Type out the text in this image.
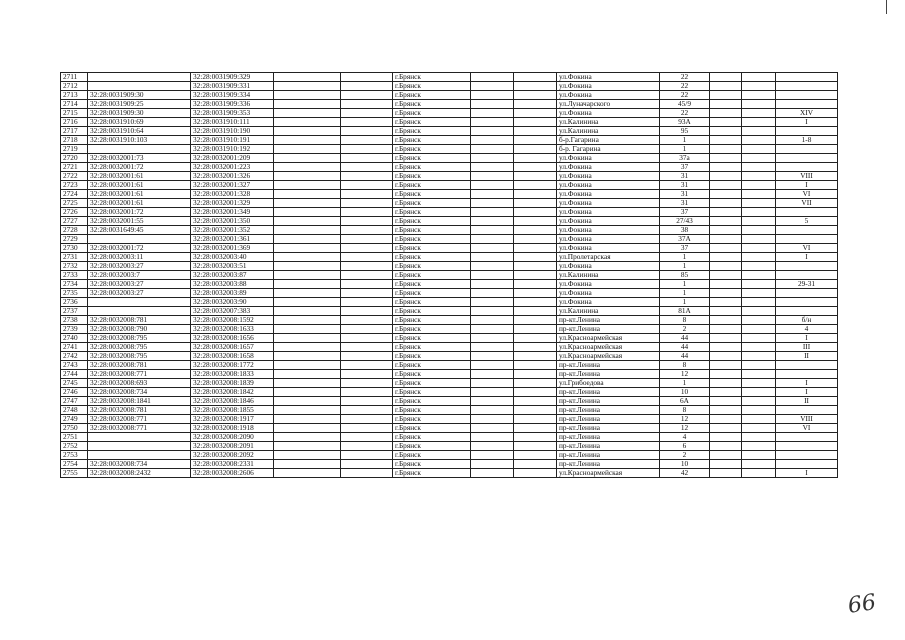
2711		32:28:0031909:329			г.Брянск			ул.Фокина	22			
2712		32:28:0031909:331			г.Брянск			ул.Фокина	22			
2713	32:28:0031909:30	32:28:0031909:334			г.Брянск			ул.Фокина	22			
2714	32:28:0031909:25	32:28:0031909:336			г.Брянск			ул.Луначарского	45/9			
2715	32:28:0031909:30	32:28:0031909:353			г.Брянск			ул.Фокина	22			XIV
2716	32:28:0031910:69	32:28:0031910:111			г.Брянск			ул.Калинина	93А			I
2717	32:28:0031910:64	32:28:0031910:190			г.Брянск			ул.Калинина	95			
2718	32:28:0031910:103	32:28:0031910:191			г.Брянск			б-р.Гагарина	1			1-8
2719		32:28:0031910:192			г.Брянск			б-р. Гагарина	1			
2720	32:28:0032001:73	32:28:0032001:209			г.Брянск			ул.Фокина	37а			
2721	32:28:0032001:72	32:28:0032001:223			г.Брянск			ул.Фокина	37			
2722	32:28:0032001:61	32:28:0032001:326			г.Брянск			ул.Фокина	31			VIII
2723	32:28:0032001:61	32:28:0032001:327			г.Брянск			ул.Фокина	31			I
2724	32:28:0032001:61	32:28:0032001:328			г.Брянск			ул.Фокина	31			VI
2725	32:28:0032001:61	32:28:0032001:329			г.Брянск			ул.Фокина	31			VII
2726	32:28:0032001:72	32:28:0032001:349			г.Брянск			ул.Фокина	37			
2727	32:28:0032001:55	32:28:0032001:350			г.Брянск			ул.Фокина	27/43			5
2728	32:28:0031649:45	32:28:0032001:352			г.Брянск			ул.Фокина	38			
2729		32:28:0032001:361			г.Брянск			ул.Фокина	37А			
2730	32:28:0032001:72	32:28:0032001:369			г.Брянск			ул.Фокина	37			VI
2731	32:28:0032003:11	32:28:0032003:40			г.Брянск			ул.Пролетарская	1			I
2732	32:28:0032003:27	32:28:0032003:51			г.Брянск			ул.Фокина	1			
2733	32:28:0032003:7	32:28:0032003:87			г.Брянск			ул.Калинина	85			
2734	32:28:0032003:27	32:28:0032003:88			г.Брянск			ул.Фокина	1			29-31
2735	32:28:0032003:27	32:28:0032003:89			г.Брянск			ул.Фокина	1			
2736		32:28:0032003:90			г.Брянск			ул.Фокина	1			
2737		32:28:0032007:383			г.Брянск			ул.Калинина	81А			
2738	32:28:0032008:781	32:28:0032008:1592			г.Брянск			пр-кт.Ленина	8			б/н
2739	32:28:0032008:790	32:28:0032008:1633			г.Брянск			пр-кт.Ленина	2			4
2740	32:28:0032008:795	32:28:0032008:1656			г.Брянск			ул.Красноармейская	44			I
2741	32:28:0032008:795	32:28:0032008:1657			г.Брянск			ул.Красноармейская	44			III
2742	32:28:0032008:795	32:28:0032008:1658			г.Брянск			ул.Красноармейская	44			II
2743	32:28:0032008:781	32:28:0032008:1772			г.Брянск			пр-кт.Ленина	8			
2744	32:28:0032008:771	32:28:0032008:1833			г.Брянск			пр-кт.Ленина	12			
2745	32:28:0032008:693	32:28:0032008:1839			г.Брянск			ул.Грибоедова	1			I
2746	32:28:0032008:734	32:28:0032008:1842			г.Брянск			пр-кт.Ленина	10			I
2747	32:28:0032008:1841	32:28:0032008:1846			г.Брянск			пр-кт.Ленина	6А			II
2748	32:28:0032008:781	32:28:0032008:1855			г.Брянск			пр-кт.Ленина	8			
2749	32:28:0032008:771	32:28:0032008:1917			г.Брянск			пр-кт.Ленина	12			VIII
2750	32:28:0032008:771	32:28:0032008:1918			г.Брянск			пр-кт.Ленина	12			VI
2751		32:28:0032008:2090			г.Брянск			пр-кт.Ленина	4			
2752		32:28:0032008:2091			г.Брянск			пр-кт.Ленина	6			
2753		32:28:0032008:2092			г.Брянск			пр-кт.Ленина	2			
2754	32:28:0032008:734	32:28:0032008:2331			г.Брянск			пр-кт.Ленина	10			
2755	32:28:0032008:2432	32:28:0032008:2606			г.Брянск			ул.Красноармейская	42			I
66
